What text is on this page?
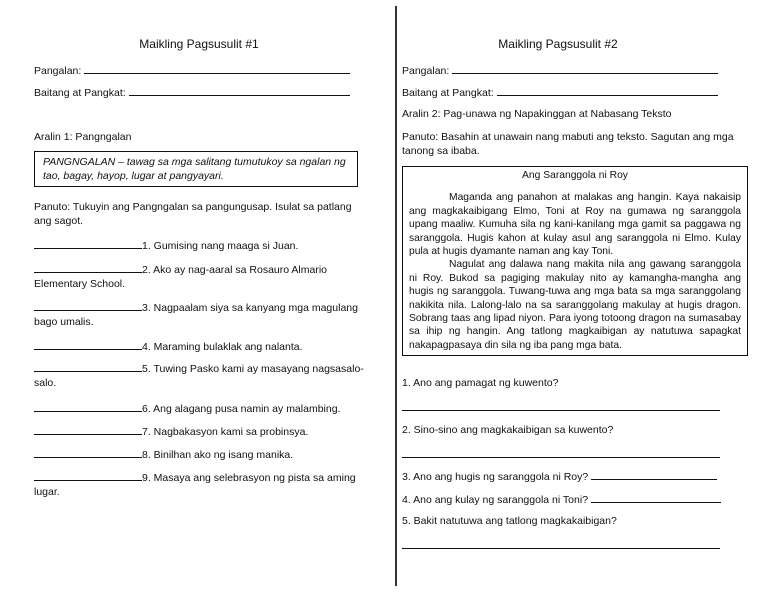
Maikling Pagsusulit #1
Pangalan:
Baitang at Pangkat:
Aralin 1: Pangngalan
PANGNGALAN – tawag sa mga salitang tumutukoy sa ngalan ng tao, bagay, hayop, lugar at pangyayari.
Panuto: Tukuyin ang Pangngalan sa pangungusap. Isulat sa patlang ang sagot.
1. Gumising nang maaga si Juan.
2. Ako ay nag-aaral sa Rosauro Almario
Elementary School.
3. Nagpaalam siya sa kanyang mga magulang
bago umalis.
4. Maraming bulaklak ang nalanta.
5. Tuwing Pasko kami ay masayang nagsasalo-
salo.
6. Ang alagang pusa namin ay malambing.
7. Nagbakasyon kami sa probinsya.
8. Binilhan ako ng isang manika.
9. Masaya ang selebrasyon ng pista sa aming
lugar.
Maikling Pagsusulit #2
Pangalan:
Baitang at Pangkat:
Aralin 2: Pag-unawa ng Napakinggan at Nabasang Teksto
Panuto: Basahin at unawain nang mabuti ang teksto. Sagutan ang mga tanong sa ibaba.
Ang Saranggola ni Roy

Maganda ang panahon at malakas ang hangin. Kaya nakaisip ang magkakaibigang Elmo, Toni at Roy na gumawa ng saranggola upang maaliw. Kumuha sila ng kani-kanilang mga gamit sa paggawa ng saranggola. Hugis kahon at kulay asul ang saranggola ni Elmo. Kulay pula at hugis dyamante naman ang kay Toni.

Nagulat ang dalawa nang makita nila ang gawang saranggola ni Roy. Bukod sa pagiging makulay nito ay kamangha-mangha ang hugis ng saranggola. Tuwang-tuwa ang mga bata sa mga saranggolang nakikita nila. Lalong-lalo na sa saranggolang makulay at hugis dragon. Sobrang taas ang lipad niyon. Para iyong totoong dragon na sumasabay sa ihip ng hangin. Ang tatlong magkaibigan ay natutuwa sapagkat nakapagpasaya din sila ng iba pang mga bata.

1. Ano ang pamagat ng kuwento?
2. Sino-sino ang magkakaibigan sa kuwento?
3. Ano ang hugis ng saranggola ni Roy?
4. Ano ang kulay ng saranggola ni Toni?
5. Bakit natutuwa ang tatlong magkakaibigan?
